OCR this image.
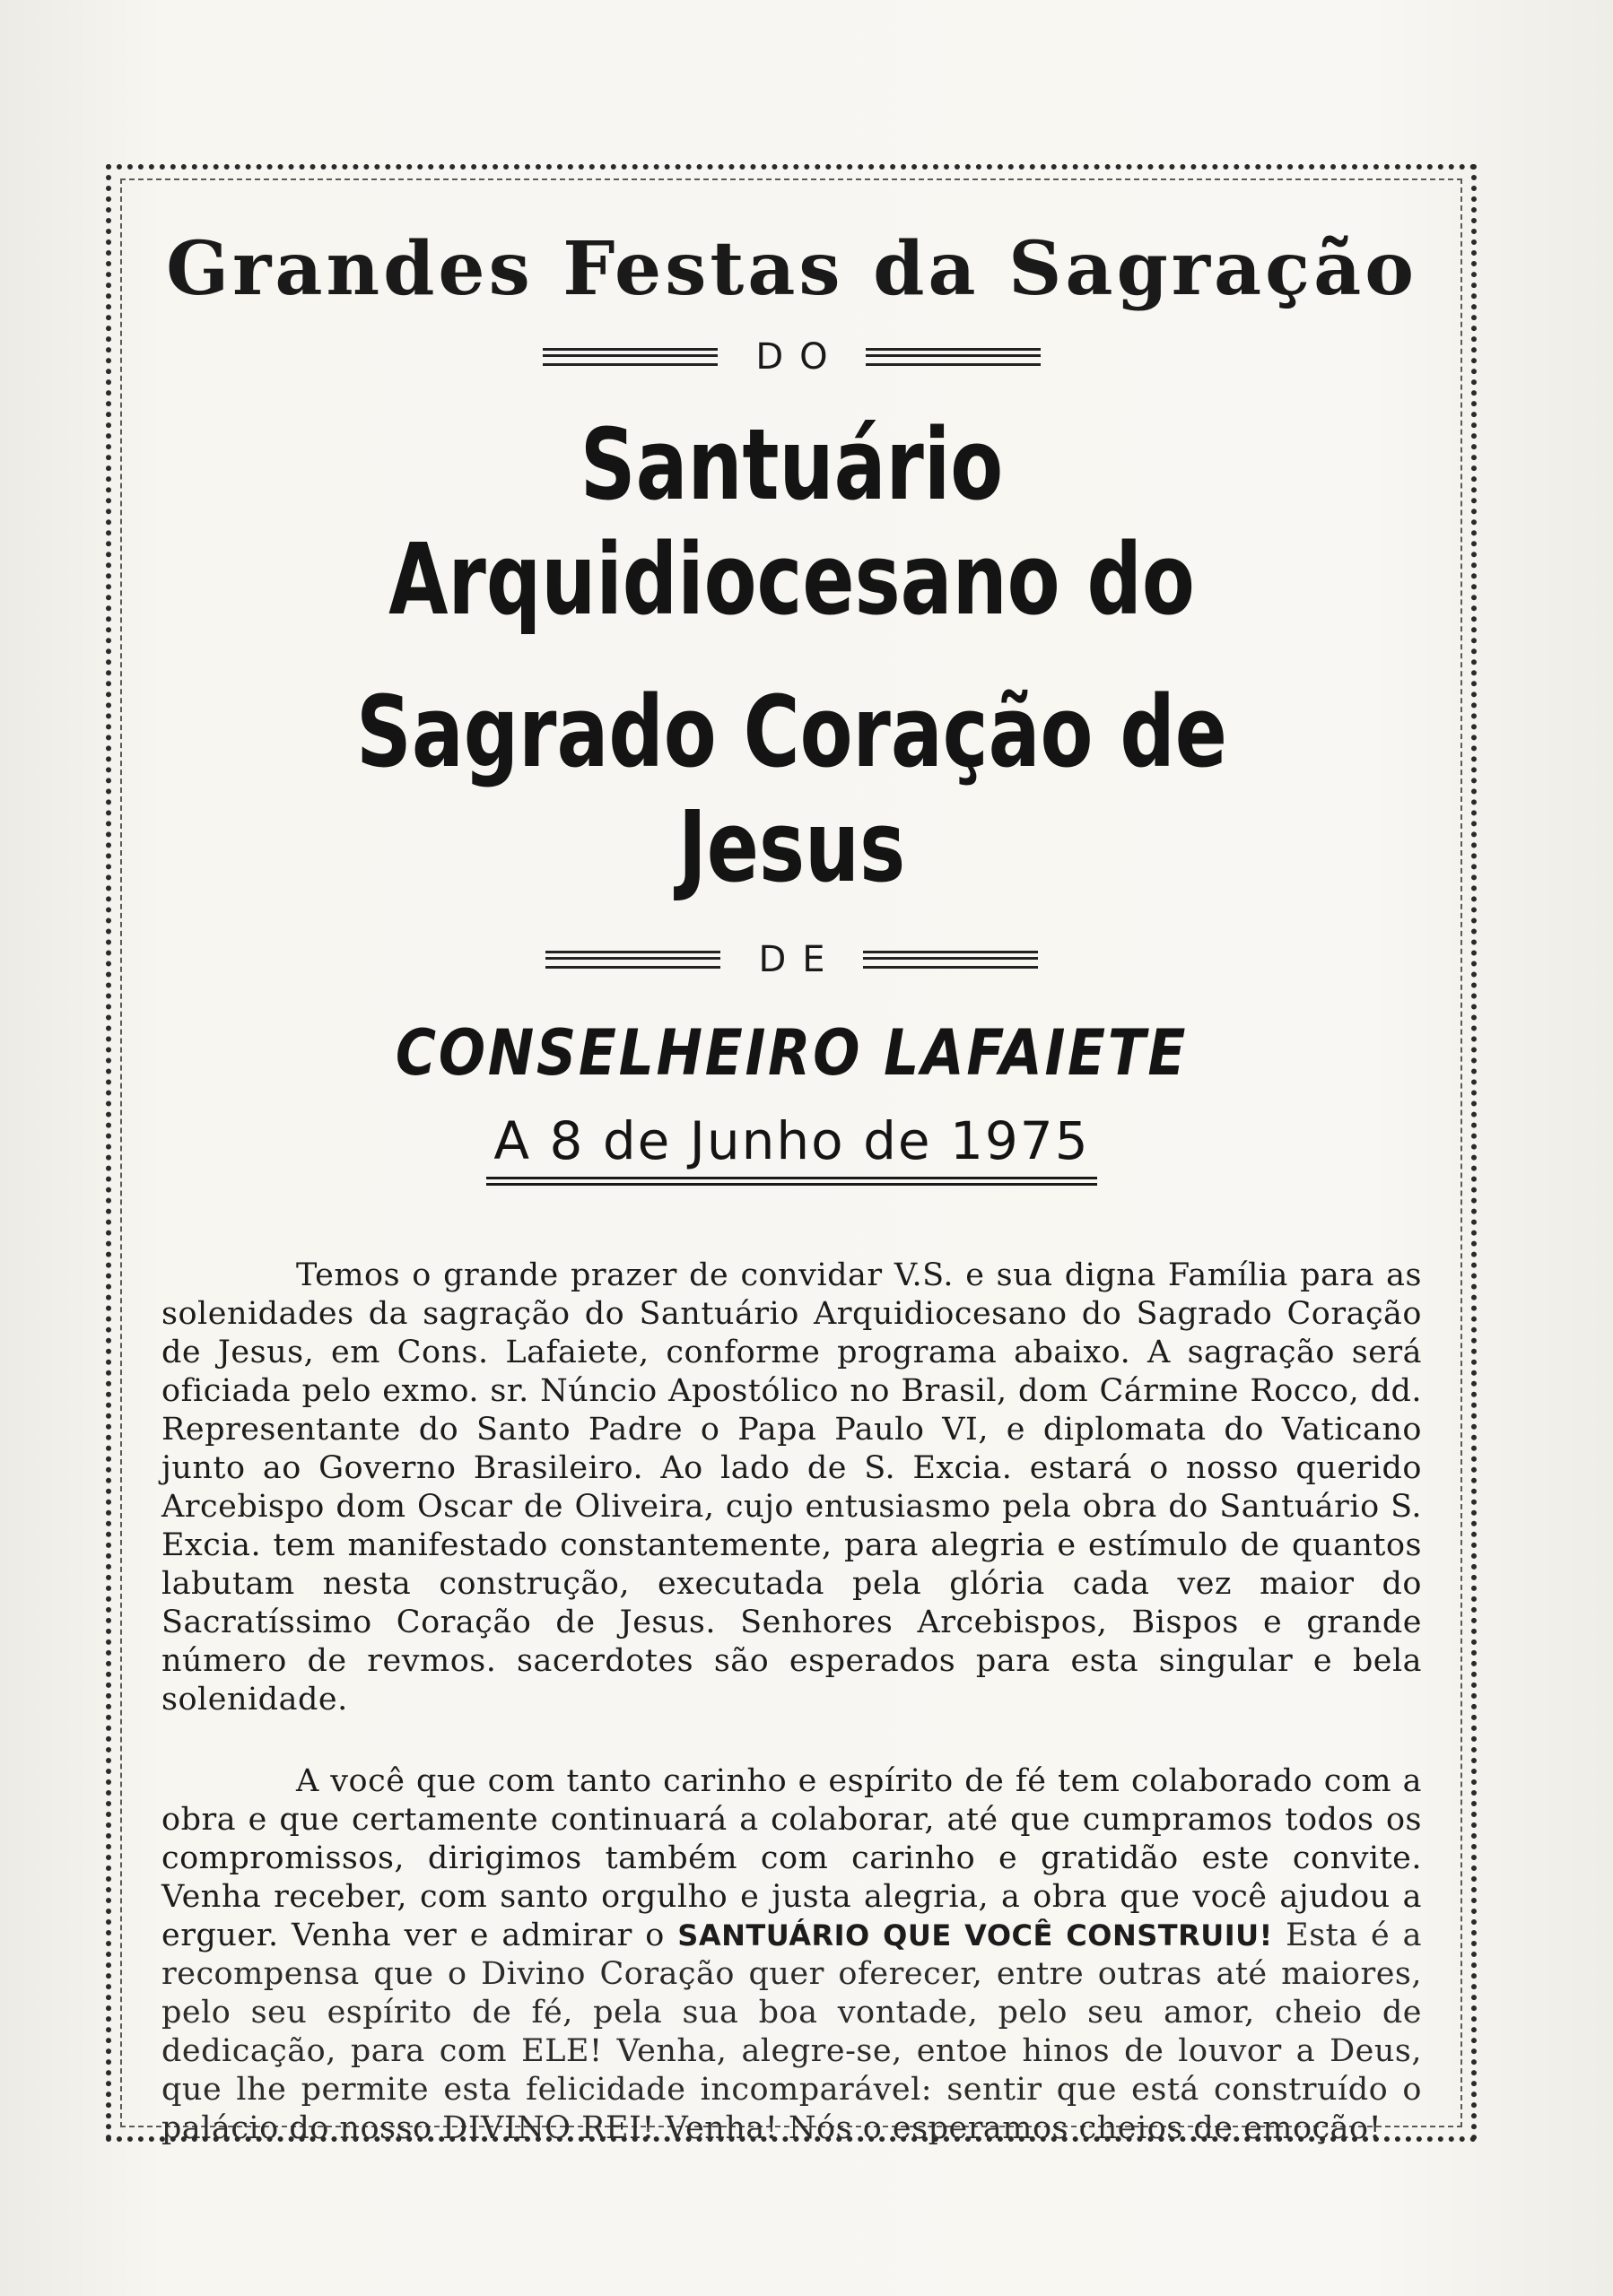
Grandes Festas da Sagração
DO
Santuário Arquidiocesano do
Sagrado Coração de Jesus
DE
CONSELHEIRO LAFAIETE
A 8 de Junho de 1975

Temos o grande prazer de convidar V.S. e sua digna Família para as solenidades da sagração do Santuário Arquidiocesano do Sagrado Coração de Jesus, em Cons. Lafaiete, conforme programa abaixo. A sagração será oficiada pelo exmo. sr. Núncio Apostólico no Brasil, dom Cármine Rocco, dd. Representante do Santo Padre o Papa Paulo VI, e diplomata do Vaticano junto ao Governo Brasileiro. Ao lado de S. Excia. estará o nosso querido Arcebispo dom Oscar de Oliveira, cujo entusiasmo pela obra do Santuário S. Excia. tem manifestado constantemente, para alegria e estímulo de quantos labutam nesta construção, executada pela glória cada vez maior do Sacratíssimo Coração de Jesus. Senhores Arcebispos, Bispos e grande número de revmos. sacerdotes são esperados para esta singular e bela solenidade.

A você que com tanto carinho e espírito de fé tem colaborado com a obra e que certamente continuará a colaborar, até que cumpramos todos os compromissos, dirigimos também com carinho e gratidão este convite. Venha receber, com santo orgulho e justa alegria, a obra que você ajudou a erguer. Venha ver e admirar o SANTUÁRIO QUE VOCÊ CONSTRUIU! Esta é a recompensa que o Divino Coração quer oferecer, entre outras até maiores, pelo seu espírito de fé, pela sua boa vontade, pelo seu amor, cheio de dedicação, para com ELE! Venha, alegre-se, entoe hinos de louvor a Deus, que lhe permite esta felicidade incomparável: sentir que está construído o palácio do nosso DIVINO REI! Venha! Nós o esperamos cheios de emoção!
